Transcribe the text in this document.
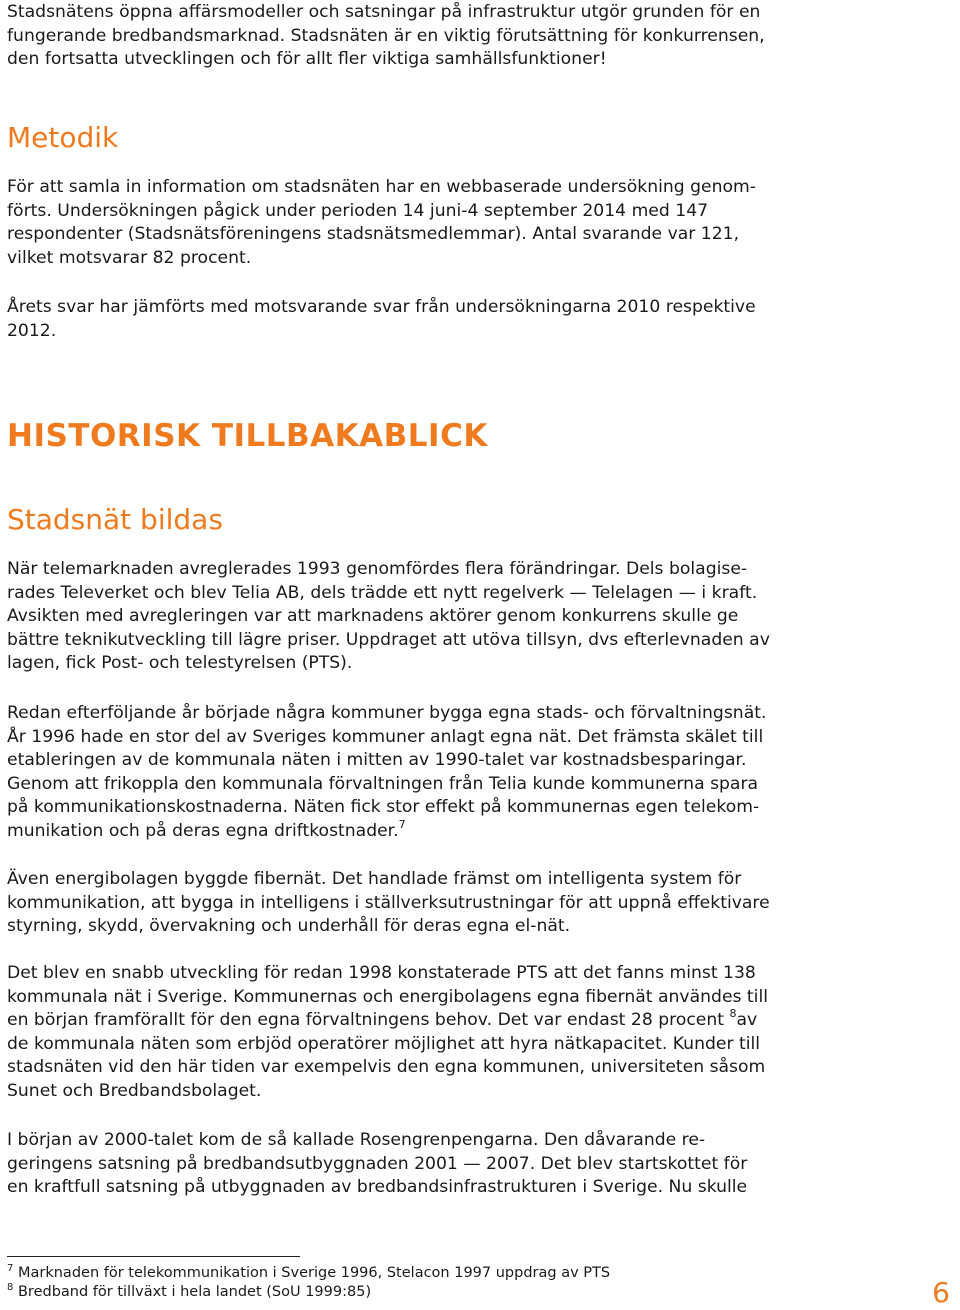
Stadsnätens öppna affärsmodeller och satsningar på infrastruktur utgör grunden för en
fungerande bredbandsmarknad. Stadsnäten är en viktig förutsättning för konkurrensen,
den fortsatta utvecklingen och för allt fler viktiga samhällsfunktioner!
Metodik
För att samla in information om stadsnäten har en webbaserade undersökning genom-
förts. Undersökningen pågick under perioden 14 juni-4 september 2014 med 147
respondenter (Stadsnätsföreningens stadsnätsmedlemmar). Antal svarande var 121,
vilket motsvarar 82 procent.
Årets svar har jämförts med motsvarande svar från undersökningarna 2010 respektive
2012.
HISTORISK TILLBAKABLICK
Stadsnät bildas
När telemarknaden avreglerades 1993 genomfördes flera förändringar. Dels bolagise-
rades Televerket och blev Telia AB, dels trädde ett nytt regelverk — Telelagen — i kraft.
Avsikten med avregleringen var att marknadens aktörer genom konkurrens skulle ge
bättre teknikutveckling till lägre priser. Uppdraget att utöva tillsyn, dvs efterlevnaden av
lagen, fick Post- och telestyrelsen (PTS).
Redan efterföljande år började några kommuner bygga egna stads- och förvaltningsnät.
År 1996 hade en stor del av Sveriges kommuner anlagt egna nät. Det främsta skälet till
etableringen av de kommunala näten i mitten av 1990-talet var kostnadsbesparingar.
Genom att frikoppla den kommunala förvaltningen från Telia kunde kommunerna spara
på kommunikationskostnaderna. Näten fick stor effekt på kommunernas egen telekom-
munikation och på deras egna driftkostnader.$^7$
Även energibolagen byggde fibernät. Det handlade främst om intelligenta system för
kommunikation, att bygga in intelligens i ställverksutrustningar för att uppnå effektivare
styrning, skydd, övervakning och underhåll för deras egna el-nät.
Det blev en snabb utveckling för redan 1998 konstaterade PTS att det fanns minst 138
kommunala nät i Sverige. Kommunernas och energibolagens egna fibernät användes till
en början framförallt för den egna förvaltningens behov. Det var endast 28 procent $^8$av
de kommunala näten som erbjöd operatörer möjlighet att hyra nätkapacitet. Kunder till
stadsnäten vid den här tiden var exempelvis den egna kommunen, universiteten såsom
Sunet och Bredbandsbolaget.
I början av 2000-talet kom de så kallade Rosengrenpengarna. Den dåvarande re-
geringens satsning på bredbandsutbyggnaden 2001 — 2007. Det blev startskottet för
en kraftfull satsning på utbyggnaden av bredbandsinfrastrukturen i Sverige. Nu skulle
$^7$ Marknaden för telekommunikation i Sverige 1996, Stelacon 1997 uppdrag av PTS
$^8$ Bredband för tillväxt i hela landet (SoU 1999:85)	6
